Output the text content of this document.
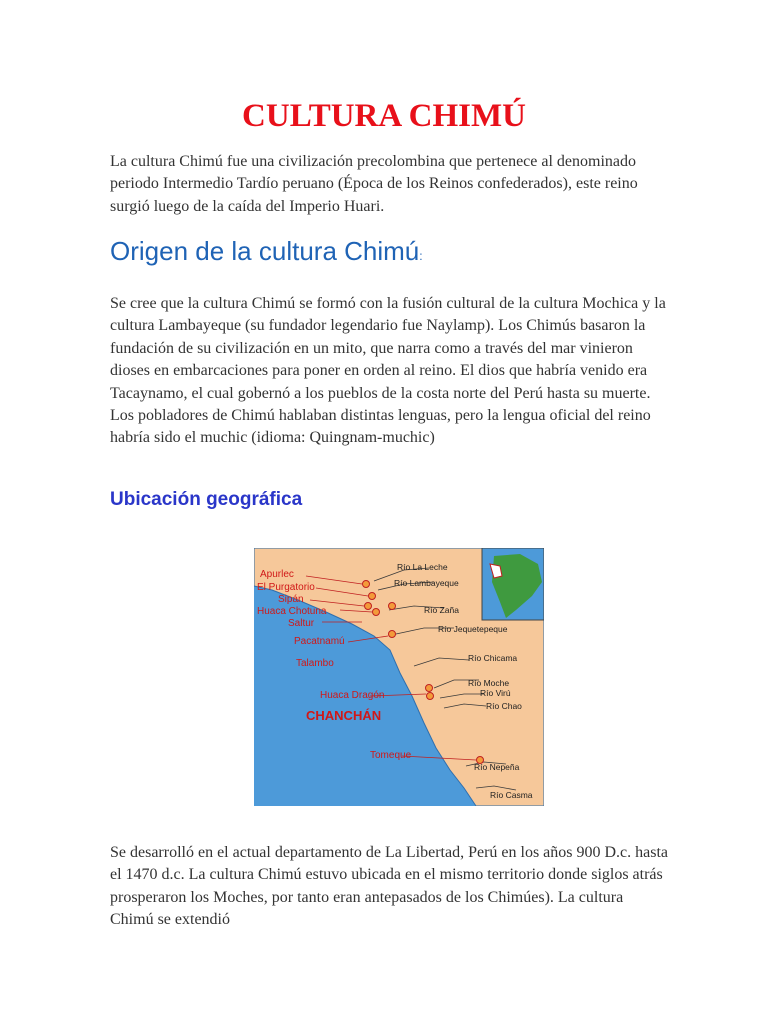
CULTURA CHIMÚ

La cultura Chimú fue una civilización precolombina que pertenece al denominado periodo Intermedio Tardío peruano (Época de los Reinos confederados), este reino surgió luego de la caída del Imperio Huari.

Origen de la cultura Chimú:

Se cree que la cultura Chimú se formó con la fusión cultural de la cultura Mochica y la cultura Lambayeque (su fundador legendario fue Naylamp). Los Chimús basaron la fundación de su civilización en un mito, que narra como a través del mar vinieron dioses en embarcaciones para poner en orden al reino. El dios que habría venido era Tacaynamo, el cual gobernó a los pueblos de la costa norte del Perú hasta su muerte. Los pobladores de Chimú hablaban distintas lenguas, pero la lengua oficial del reino habría sido el muchic (idioma: Quingnam-muchic)

Ubicación geográfica
Apurlec
El Purgatorio
Sipán
Huaca Chotuna
Saltur
Pacatnamú
Talambo
Huaca Dragón
Tomeque
CHANCHÁN
Río La Leche
Río Lambayeque
Río Zaña
Río Jequetepeque
Río Chicama
Río Moche
Río Virú
Río Chao
Río Nepeña
Río Casma

Se desarrolló en el actual departamento de La Libertad, Perú en los años 900 D.c. hasta el 1470 d.c. La cultura Chimú estuvo ubicada en el mismo territorio donde siglos atrás prosperaron los Moches, por tanto eran antepasados de los Chimúes). La cultura Chimú se extendió
